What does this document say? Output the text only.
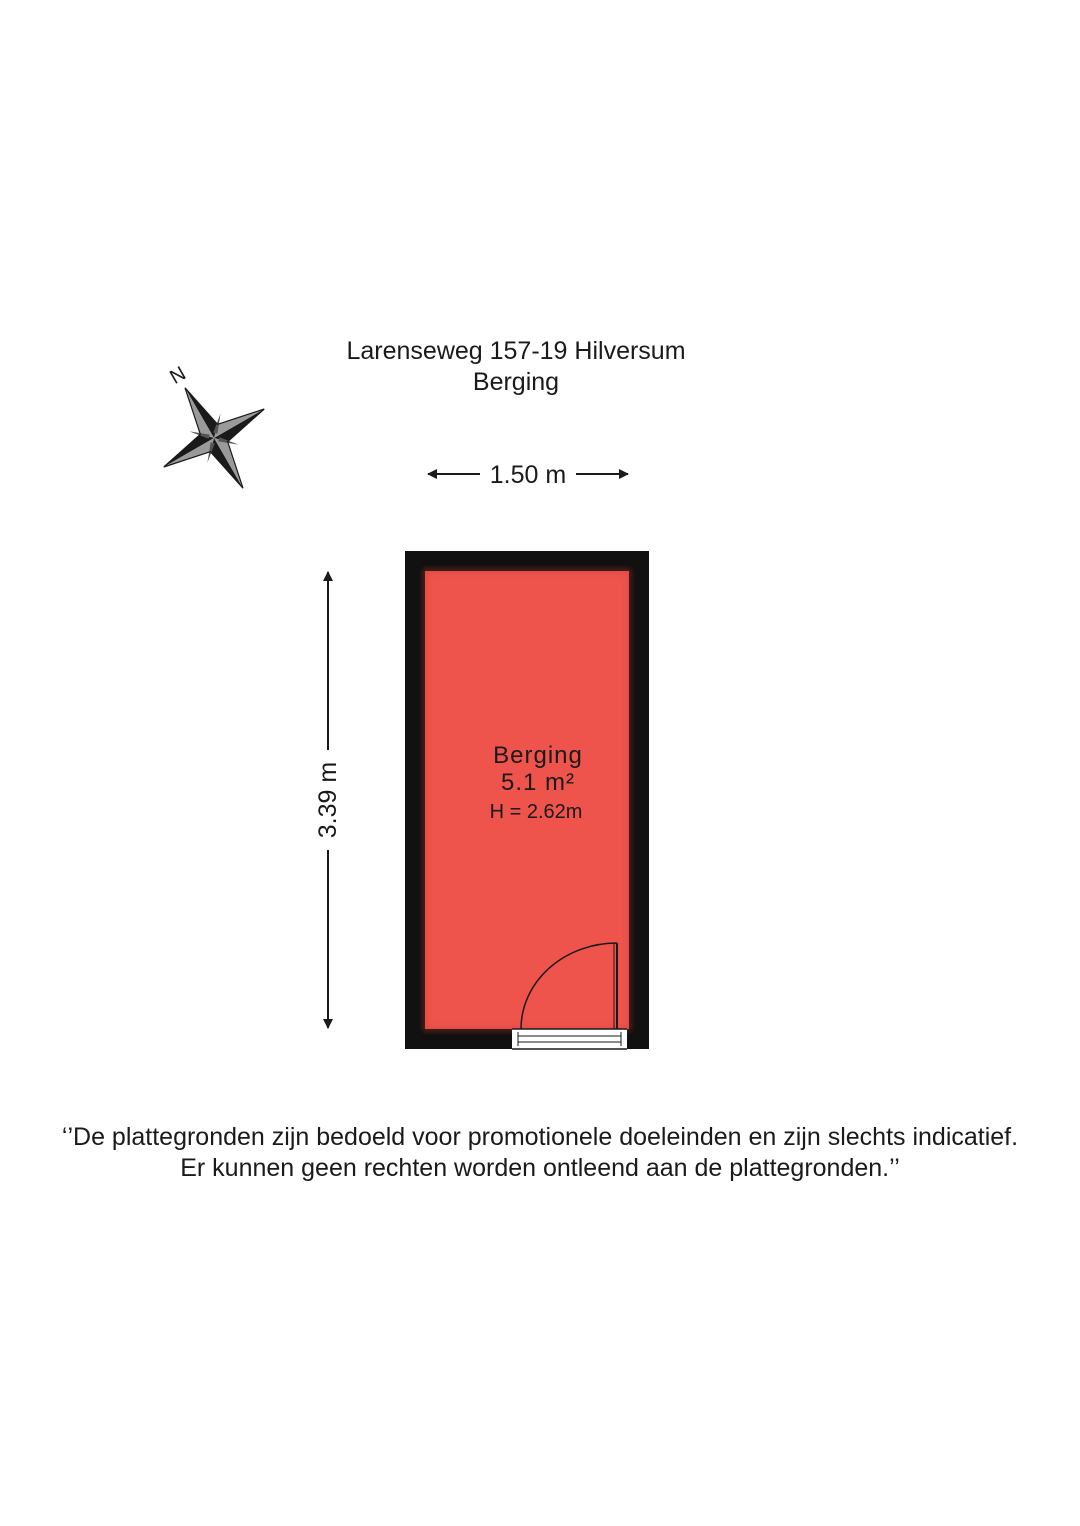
Larenseweg 157-19 Hilversum
Berging
N
1.50 m
3.39 m
Berging
5.1 m²
H = 2.62m
‘’De plattegronden zijn bedoeld voor promotionele doeleinden en zijn slechts indicatief.
Er kunnen geen rechten worden ontleend aan de plattegronden.’’
